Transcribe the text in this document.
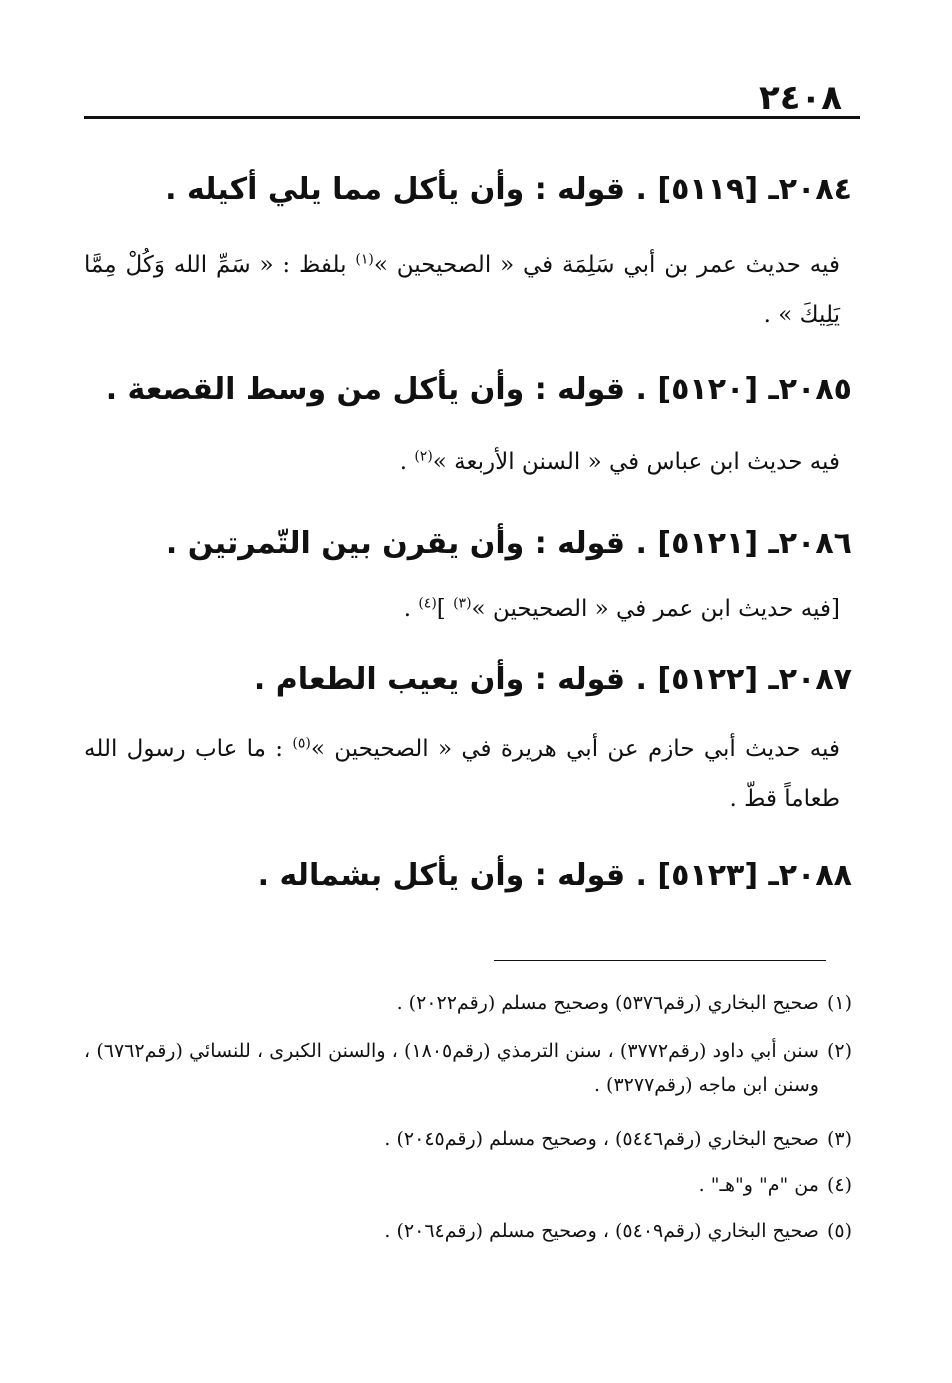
٢٤٠٨
٢٠٨٤ـ [٥١١٩] . قوله : وأن يأكل مما يلي أكيله .
فيه حديث عمر بن أبي سَلِمَة في « الصحيحين »$^{(١)}$ بلفظ : « سَمِّ الله وَكُلْ مِمَّا يَلِيكَ » .
٢٠٨٥ـ [٥١٢٠] . قوله : وأن يأكل من وسط القصعة .
فيه حديث ابن عباس في « السنن الأربعة »$^{(٢)}$ .
٢٠٨٦ـ [٥١٢١] . قوله : وأن يقرن بين التّمرتين .
[فيه حديث ابن عمر في « الصحيحين »$^{(٣)}$ ]$^{(٤)}$ .
٢٠٨٧ـ [٥١٢٢] . قوله : وأن يعيب الطعام .
فيه حديث أبي حازم عن أبي هريرة في « الصحيحين »$^{(٥)}$ : ما عاب رسول الله طعاماً قطّ .
٢٠٨٨ـ [٥١٢٣] . قوله : وأن يأكل بشماله .
(١)
صحيح البخاري (رقم٥٣٧٦) وصحيح مسلم (رقم٢٠٢٢) .
(٢)
سنن أبي داود (رقم٣٧٧٢) ، سنن الترمذي (رقم١٨٠٥) ، والسنن الكبرى ، للنسائي (رقم٦٧٦٢) ، وسنن ابن ماجه (رقم٣٢٧٧) .
(٣)
صحيح البخاري (رقم٥٤٤٦) ، وصحيح مسلم (رقم٢٠٤٥) .
(٤)
من "م" و"هـ" .
(٥)
صحيح البخاري (رقم٥٤٠٩) ، وصحيح مسلم (رقم٢٠٦٤) .
